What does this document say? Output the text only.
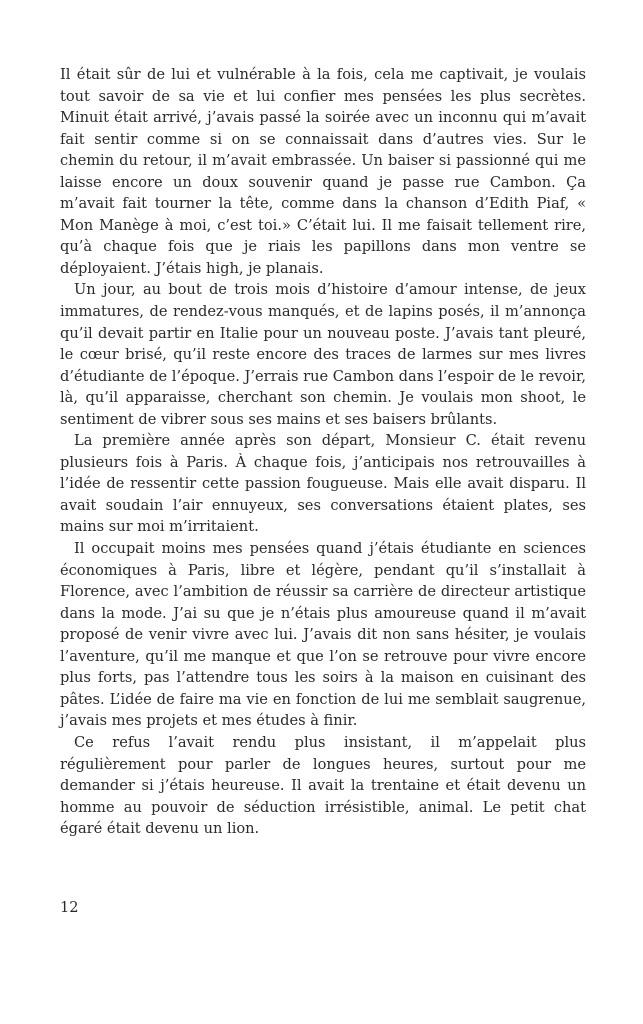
Il était sûr de lui et vulnérable à la fois, cela me captivait, je voulais tout savoir de sa vie et lui confier mes pensées les plus secrètes. Minuit était arrivé, j’avais passé la soirée avec un inconnu qui m’avait fait sentir comme si on se connaissait dans d’autres vies. Sur le chemin du retour, il m’avait embrassée. Un baiser si passionné qui me laisse encore un doux souvenir quand je passe rue Cambon. Ça m’avait fait tourner la tête, comme dans la chanson d’Edith Piaf, « Mon Manège à moi, c’est toi.» C’était lui. Il me faisait tellement rire, qu’à chaque fois que je riais les papillons dans mon ventre se déployaient. J’étais high, je planais.

Un jour, au bout de trois mois d’histoire d’amour intense, de jeux immatures, de rendez-vous manqués, et de lapins posés, il m’annonça qu’il devait partir en Italie pour un nouveau poste. J’avais tant pleuré, le cœur brisé, qu’il reste encore des traces de larmes sur mes livres d’étudiante de l’époque. J’errais rue Cambon dans l’espoir de le revoir, là, qu’il apparaisse, cherchant son chemin. Je voulais mon shoot, le sentiment de vibrer sous ses mains et ses baisers brûlants.

La première année après son départ, Monsieur C. était revenu plusieurs fois à Paris. À chaque fois, j’anticipais nos retrouvailles à l’idée de ressentir cette passion fougueuse. Mais elle avait disparu. Il avait soudain l’air ennuyeux, ses conversations étaient plates, ses mains sur moi m’irritaient.

Il occupait moins mes pensées quand j’étais étudiante en sciences économiques à Paris, libre et légère, pendant qu’il s’installait à Florence, avec l’ambition de réussir sa carrière de directeur artistique dans la mode. J’ai su que je n’étais plus amoureuse quand il m’avait proposé de venir vivre avec lui. J’avais dit non sans hésiter, je voulais l’aventure, qu’il me manque et que l’on se retrouve pour vivre encore plus forts, pas l’attendre tous les soirs à la maison en cuisinant des pâtes. L’idée de faire ma vie en fonction de lui me semblait saugrenue, j’avais mes projets et mes études à finir.

Ce refus l’avait rendu plus insistant, il m’appelait plus régulièrement pour parler de longues heures, surtout pour me demander si j’étais heureuse. Il avait la trentaine et était devenu un homme au pouvoir de séduction irrésistible, animal. Le petit chat égaré était devenu un lion.

12
